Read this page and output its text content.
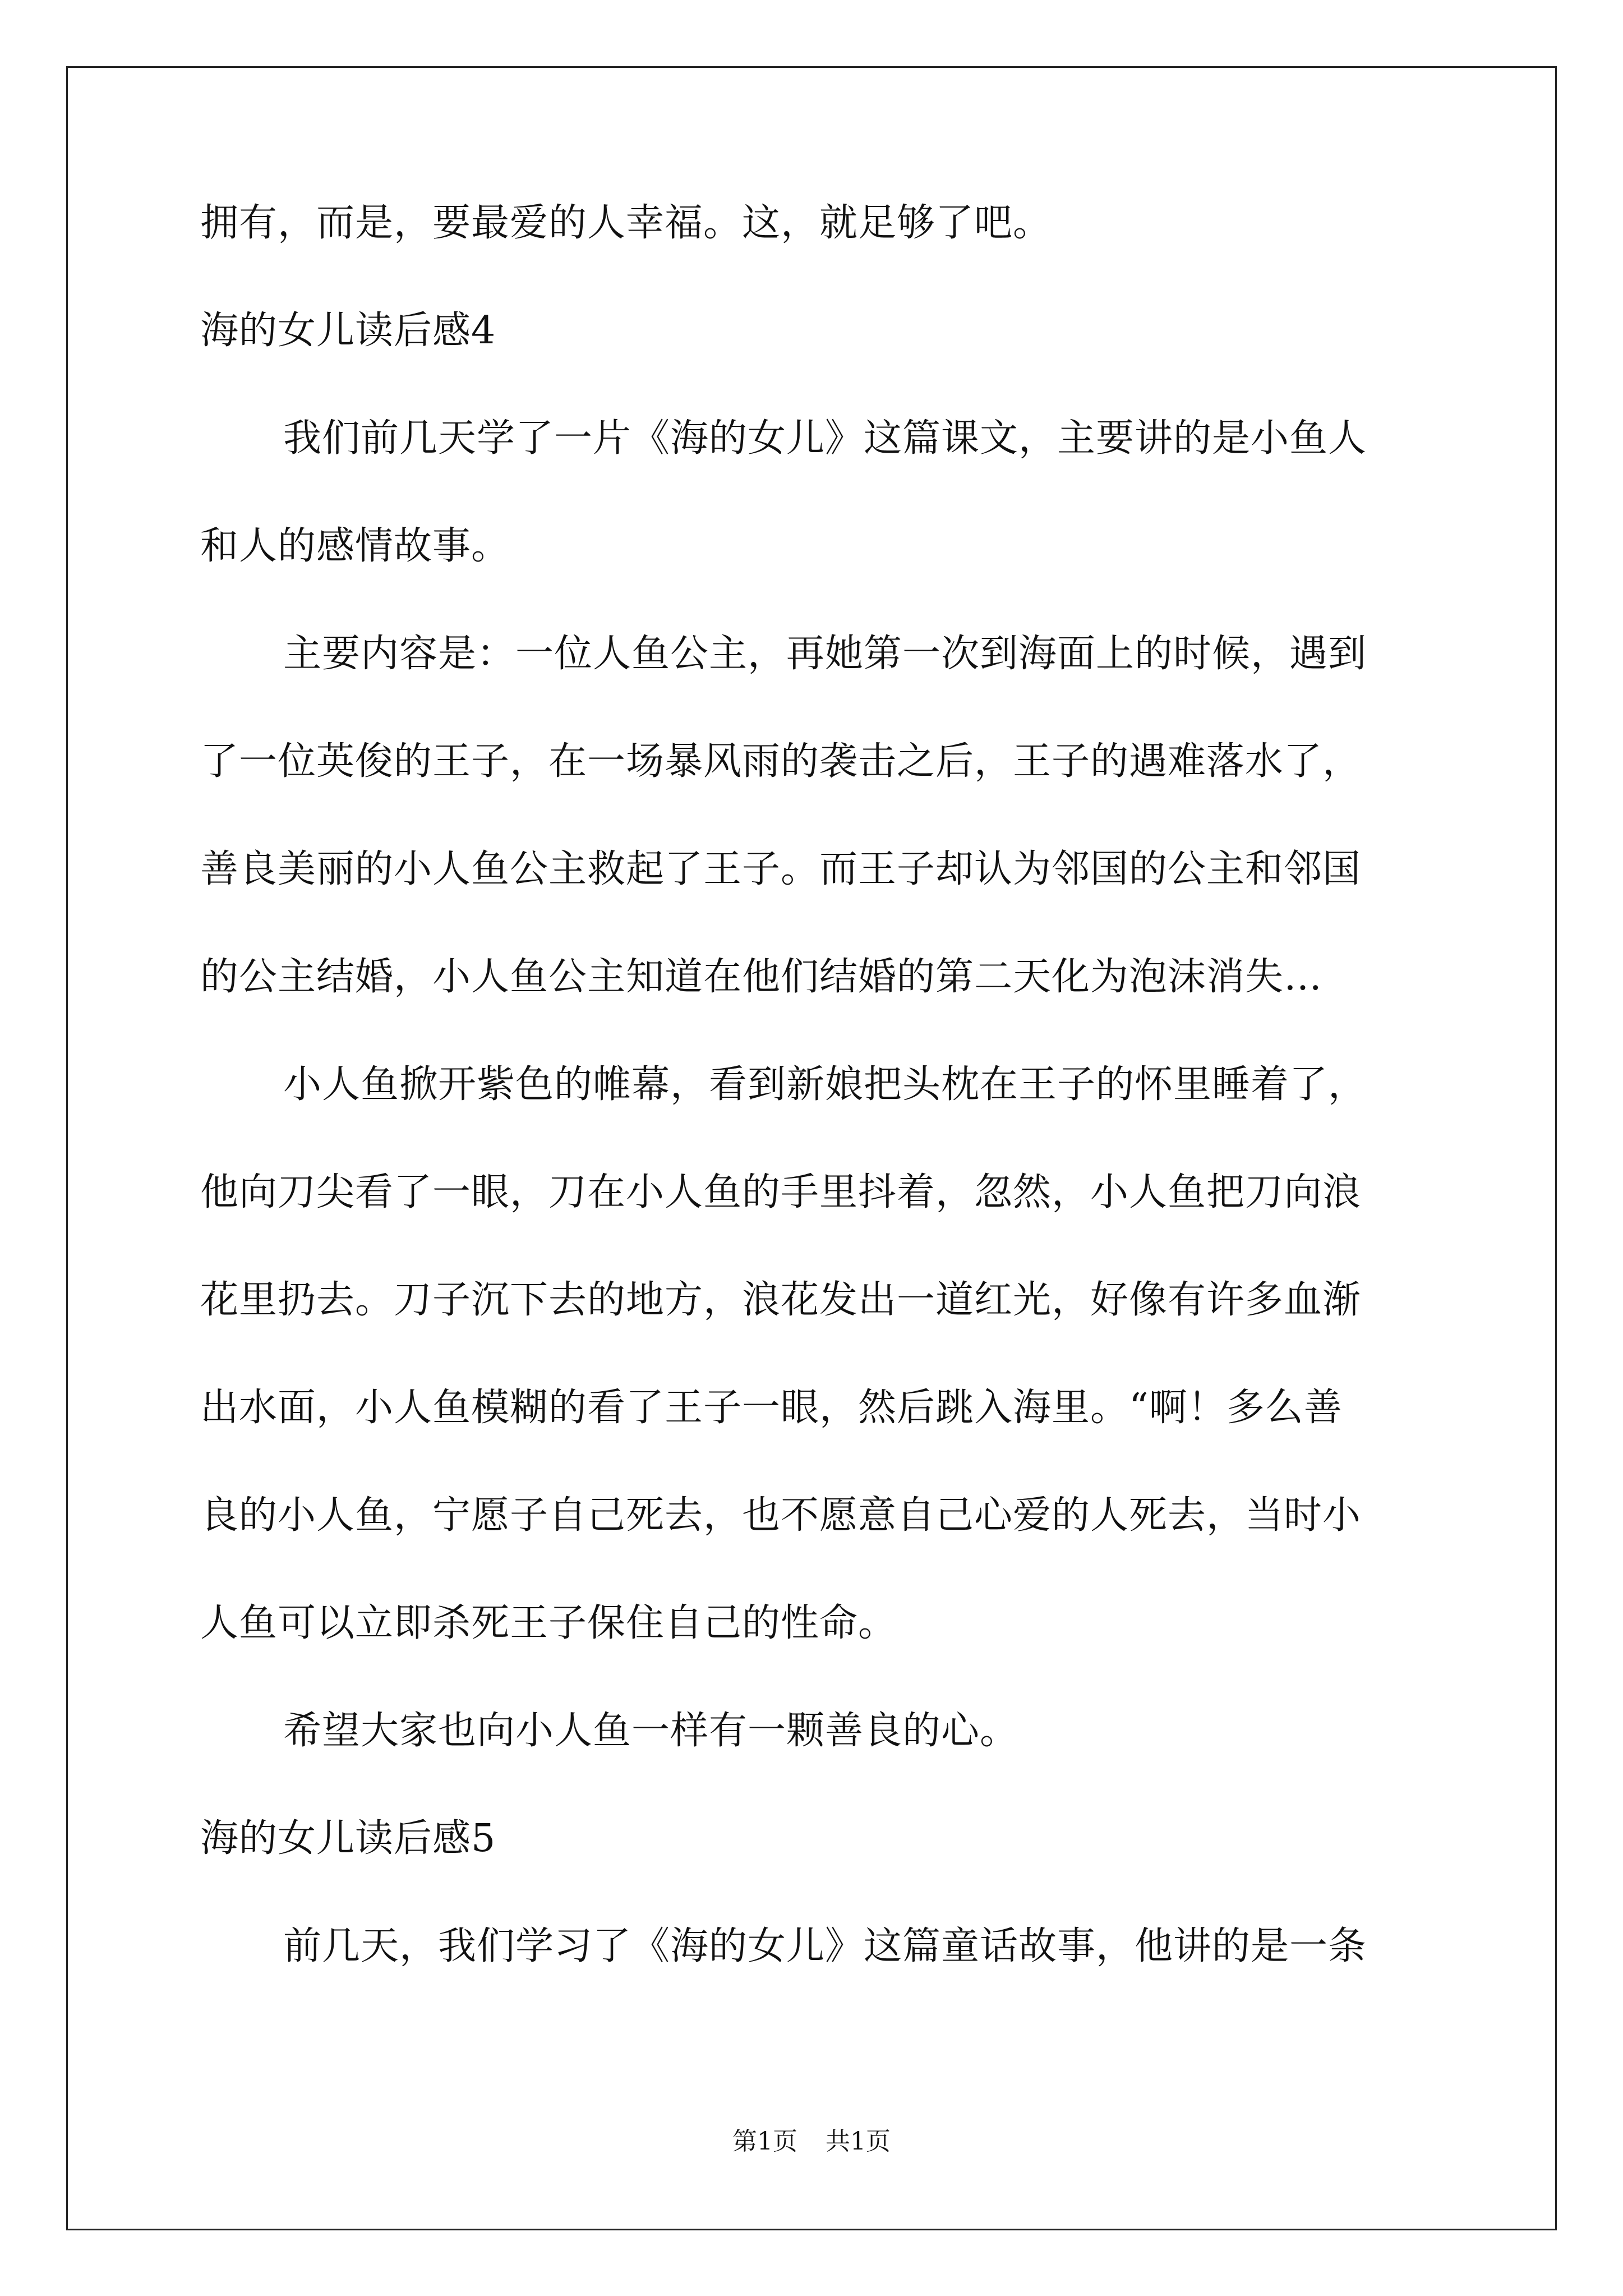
拥有，而是，要最爱的人幸福。这，就足够了吧。
海的女儿读后感4
我们前几天学了一片《海的女儿》这篇课文，主要讲的是小鱼人
和人的感情故事。
主要内容是：一位人鱼公主，再她第一次到海面上的时候，遇到
了一位英俊的王子，在一场暴风雨的袭击之后，王子的遇难落水了，
善良美丽的小人鱼公主救起了王子。而王子却认为邻国的公主和邻国
的公主结婚，小人鱼公主知道在他们结婚的第二天化为泡沫消失…
小人鱼掀开紫色的帷幕，看到新娘把头枕在王子的怀里睡着了，
他向刀尖看了一眼，刀在小人鱼的手里抖着，忽然，小人鱼把刀向浪
花里扔去。刀子沉下去的地方，浪花发出一道红光，好像有许多血渐
出水面，小人鱼模糊的看了王子一眼，然后跳入海里。“啊！多么善
良的小人鱼，宁愿子自己死去，也不愿意自己心爱的人死去，当时小
人鱼可以立即杀死王子保住自己的性命。
希望大家也向小人鱼一样有一颗善良的心。
海的女儿读后感5
前几天，我们学习了《海的女儿》这篇童话故事，他讲的是一条
第1页 共1页
